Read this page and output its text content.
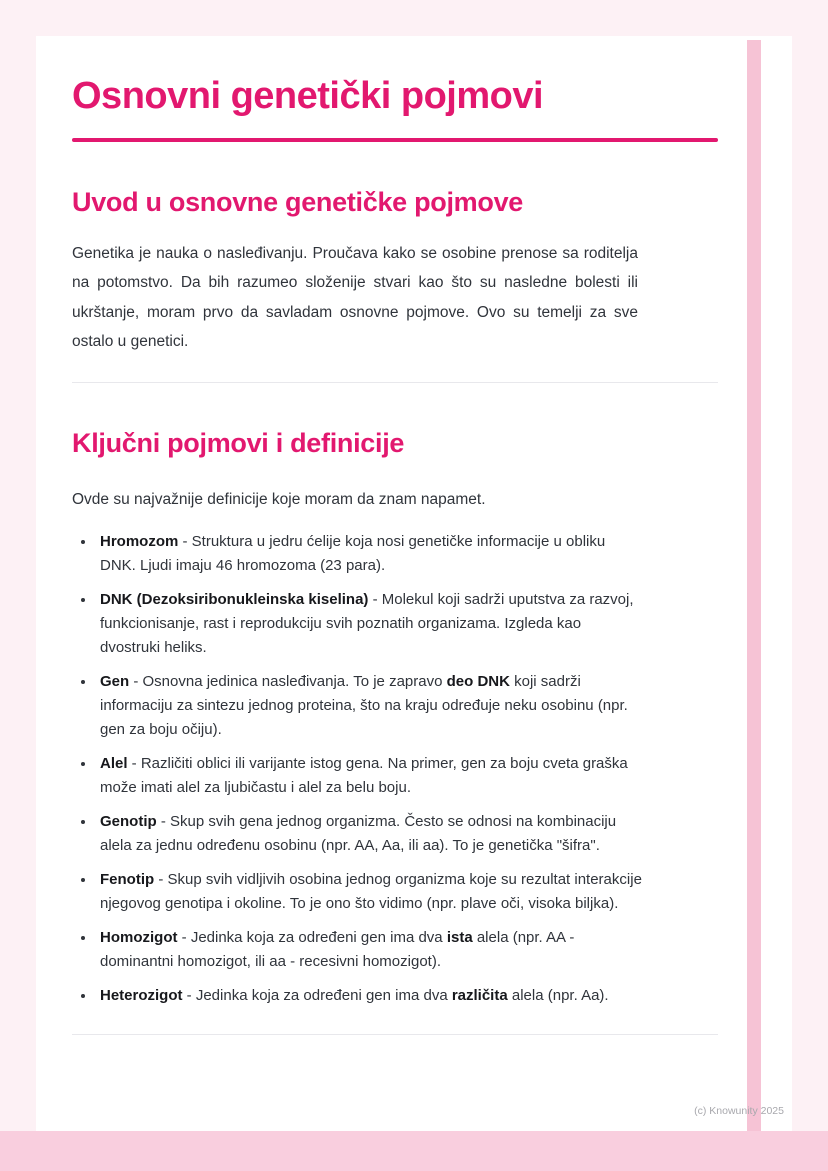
Osnovni genetički pojmovi
Uvod u osnovne genetičke pojmove

Genetika je nauka o nasleđivanju. Proučava kako se osobine prenose sa roditelja na potomstvo. Da bih razumeo složenije stvari kao što su nasledne bolesti ili ukrštanje, moram prvo da savladam osnovne pojmove. Ovo su temelji za sve ostalo u genetici.

Ključni pojmovi i definicije

Ovde su najvažnije definicije koje moram da znam napamet.

• Hromozom - Struktura u jedru ćelije koja nosi genetičke informacije u obliku DNK. Ljudi imaju 46 hromozoma (23 para).
• DNK (Dezoksiribonukleinska kiselina) - Molekul koji sadrži uputstva za razvoj, funkcionisanje, rast i reprodukciju svih poznatih organizama. Izgleda kao dvostruki heliks.
• Gen - Osnovna jedinica nasleđivanja. To je zapravo deo DNK koji sadrži informaciju za sintezu jednog proteina, što na kraju određuje neku osobinu (npr. gen za boju očiju).
• Alel - Različiti oblici ili varijante istog gena. Na primer, gen za boju cveta graška može imati alel za ljubičastu i alel za belu boju.
• Genotip - Skup svih gena jednog organizma. Često se odnosi na kombinaciju alela za jednu određenu osobinu (npr. AA, Aa, ili aa). To je genetička "šifra".
• Fenotip - Skup svih vidljivih osobina jednog organizma koje su rezultat interakcije njegovog genotipa i okoline. To je ono što vidimo (npr. plave oči, visoka biljka).
• Homozigot - Jedinka koja za određeni gen ima dva ista alela (npr. AA - dominantni homozigot, ili aa - recesivni homozigot).
• Heterozigot - Jedinka koja za određeni gen ima dva različita alela (npr. Aa).
(c) Knowunity 2025
